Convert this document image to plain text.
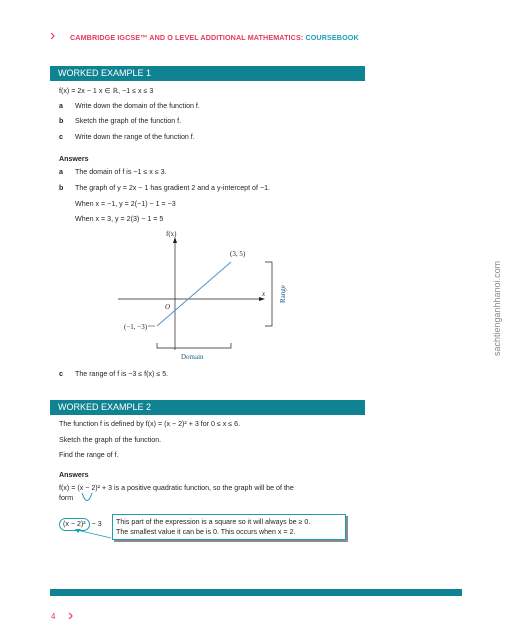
› CAMBRIDGE IGCSE™ AND O LEVEL ADDITIONAL MATHEMATICS: COURSEBOOK
WORKED EXAMPLE 1
f(x) = 2x − 1 x ∈ ℝ, −1 ≤ x ≤ 3
a Write down the domain of the function f.
b Sketch the graph of the function f.
c Write down the range of the function f.
Answers
a The domain of f is −1 ≤ x ≤ 3.
b The graph of y = 2x − 1 has gradient 2 and a y-intercept of −1.
When x = −1, y = 2(−1) − 1 = −3
When x = 3, y = 2(3) − 1 = 5
f(x)
x
O
(3, 5)
(−1, −3)
Range
Domain
c The range of f is −3 ≤ f(x) ≤ 5.
WORKED EXAMPLE 2
The function f is defined by f(x) = (x − 2)² + 3 for 0 ≤ x ≤ 6.
Sketch the graph of the function.
Find the range of f.
Answers
f(x) = (x − 2)² + 3 is a positive quadratic function, so the graph will be of the
form
(x − 2)² − 3 This part of the expression is a square so it will always be ≥ 0.
The smallest value it can be is 0. This occurs when x = 2.
sachtienganhhanoi.com
4 ›
